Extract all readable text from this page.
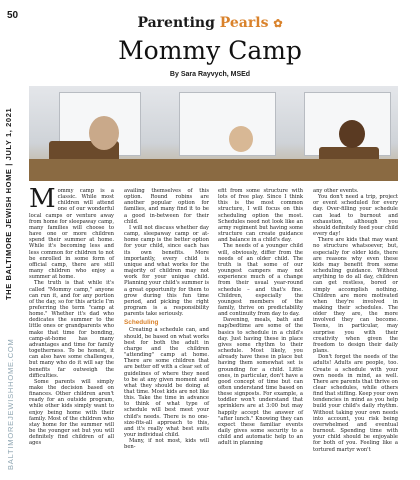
50
THE BALTIMORE JEWISH HOME | JULY 1, 2021
BALTIMOREJEWISHHOME.COM
Parenting Pearls ✿
Mommy Camp
By Sara Rayvych, MSEd

Mommy camp is a classic. While most children will attend one of our wonderful local camps or venture away from home for sleepaway camp, many families will choose to have one or more children spend their summer at home. While it's becoming less and less common for children to not be enrolled in some form of official camp, there are still many children who enjoy a summer at home.

The truth is that while it's called "Mommy camp," anyone can run it, and for any portion of the day, so for this article I'm preferring the term "camp at home." Whether it's dad who dedicates the summer to the little ones or grandparents who make that time for bonding, camp-at-home has many advantages and time for family togetherness. To be honest, it can also have some challenges, but many who do it will say the benefits far outweigh the difficulties.

Some parents will simply make the decision based on finances. Other children aren't ready for an outside program, while other kids simply want to enjoy being home with their family. Most of the children who stay home for the summer will be the younger set but you will definitely find children of all ages

availing themselves of this option. Round robins are another popular option for families, and many find it to be a good in-between for their child.

I will not discuss whether day camp, sleepaway camp or at-home camp is the better option for your child, since each has its own benefits. More importantly, every child is unique and what works for the majority of children may not work for your unique child. Planning your child's summer is a great opportunity for them to grow during this fun time period, and picking the right program is a responsibility parents take seriously.

Scheduling

Creating a schedule can, and should, be based on what works best for both the adult in charge and the children "attending" camp at home. There are some children that are better off with a clear set of guidelines of where they need to be at any given moment and what they should be doing at that time. Most kids are not like this. Take the time in advance to think of what type of schedule will best meet your child's needs. There is no one-size-fits-all approach to this, and it's really what best suits your individual child.

Many, if not most, kids will ben-

efit from some structure with lots of free play. Since I think this is the most common structure, I will focus on this scheduling option the most. Schedules need not look like an army regiment but having some structure can create guidance and balance in a child's day.

The needs of a younger child will, obviously, differ from the needs of an older child. The truth is that some of our youngest campers may not experience much of a change from their usual year-round schedule – and that's fine. Children, especially the youngest members of the family, thrive on predictability and continuity from day to day.

Davening, meals, bath and nap/bedtime are some of the basics to schedule in a child's day. Just having these in place gives some rhythm to their schedule. Most likely, you already have these in place but having them somewhat set is grounding for a child. Little ones, in particular, don't have a good concept of time but can often understand time based on these signposts. For example, a toddler won't understand that sprinklers are at 3:00 but may happily accept the answer of "after lunch." Knowing they can expect these familiar events daily gives some security to a child and automatic help to an adult in planning

any other events.

You don't need a trip, project or event scheduled for every day. Over-filling your schedule can lead to burnout and exhaustion, although you should definitely feed your child every day!

There are kids that may want no structure whatsoever, but, especially for older kids, there are reasons why even these kids may benefit from some scheduling guidance. Without anything to do all day, children can get restless, bored or simply accomplish nothing. Children are more motivated when they're involved in making their schedules. The older they are, the more involved they can become. Teens, in particular, may surprise you with their creativity when given the freedom to design their daily plans.

Don't forget the needs of the adults! Adults are people, too. Create a schedule with your own needs in mind, as well. There are parents that thrive on clear schedules, while others find that stifling. Keep your own tendencies in mind as you help build your child's daily rhythm. Without taking your own needs into account, you risk being overwhelmed and eventual burnout. Spending time with your child should be enjoyable for both of you. Feeling like a tortured martyr won't
